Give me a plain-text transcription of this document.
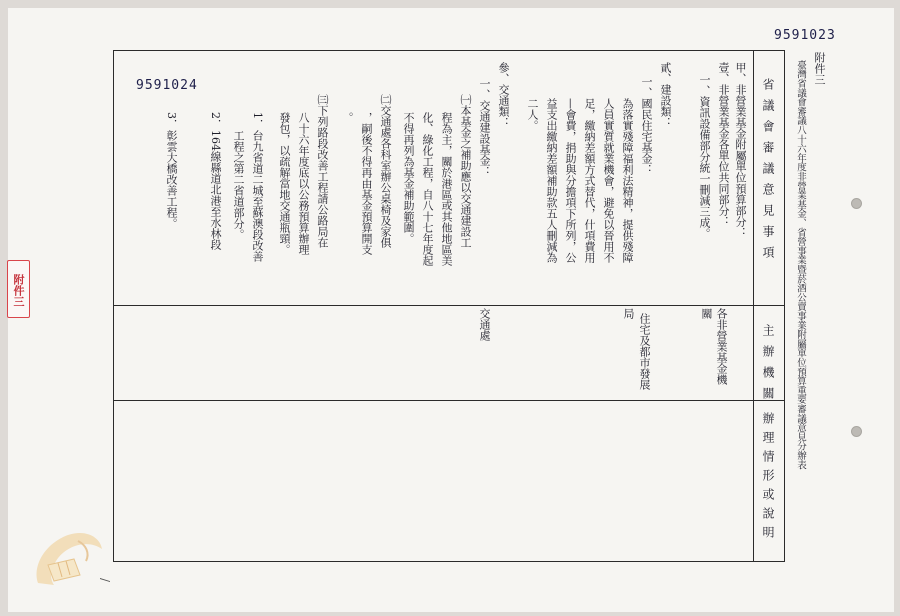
9591023
9591024
附件三
臺灣省議會審議八十六年度非營業基金、省營事業暨菸酒公賣事業附屬單位預算重要審議意見分辦表
省議會審議意見事項
主辦機關
辦理情形或說明
甲、非營業基金附屬單位預算部分：
壹、非營業基金各單位共同部分：
一、資訊設備部分統一刪減三成。
貳、建設類：
一、國民住宅基金：
為落實殘障福利法精神，提供殘障
人員實質就業機會，避免以晉用不
足，繳納差額方式替代，什項費用
—會費，捐助與分擔項下所列，公
益支出繳納差額補助款五人刪減為
二人。
參、交通類：
一、交通建設基金：
㈠本基金之補助應以交通建設工
程為主，關於港區或其他地區美
化、綠化工程，自八十七年度起
不得再列為基金補助範圍。
㈡交通處各科室辦公桌椅及家俱
，嗣後不得再由基金預算開支
。
㈢下列路段改善工程請公路局在
八十六年度底以公務預算辦理
發包，以疏解當地交通瓶頸。
1．台九省道二城至蘇澳段改善
工程之第二省道部分。
2．164線縣道北港至水林段
3．彰雲大橋改善工程。
各非營業基金機
關
住宅及都市發展
局
交通處
/
附件三
